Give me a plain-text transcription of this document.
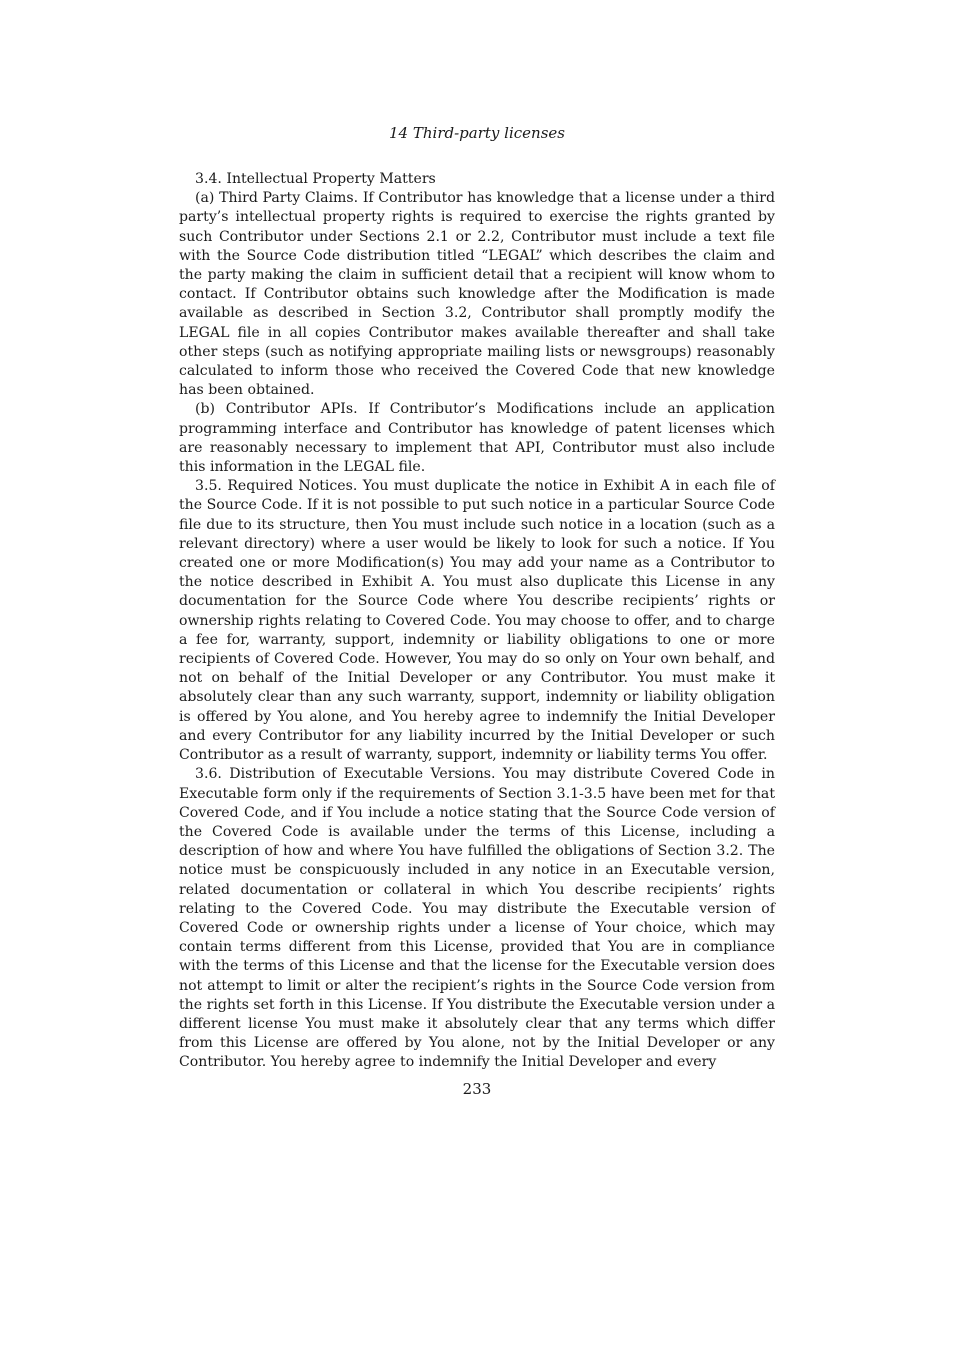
14 Third-party licenses

3.4. Intellectual Property Matters

(a) Third Party Claims. If Contributor has knowledge that a license under a third party’s intellectual property rights is required to exercise the rights granted by such Contributor under Sections 2.1 or 2.2, Contributor must include a text file with the Source Code distribution titled “LEGAL” which describes the claim and the party making the claim in sufficient detail that a recipient will know whom to contact. If Contributor obtains such knowledge after the Modification is made available as described in Section 3.2, Contributor shall promptly modify the LEGAL file in all copies Contributor makes available thereafter and shall take other steps (such as notifying appropriate mailing lists or newsgroups) reasonably calculated to inform those who received the Covered Code that new knowledge has been obtained.

(b) Contributor APIs. If Contributor’s Modifications include an application programming interface and Contributor has knowledge of patent licenses which are reasonably necessary to implement that API, Contributor must also include this information in the LEGAL file.

3.5. Required Notices. You must duplicate the notice in Exhibit A in each file of the Source Code. If it is not possible to put such notice in a particular Source Code file due to its structure, then You must include such notice in a location (such as a relevant directory) where a user would be likely to look for such a notice. If You created one or more Modification(s) You may add your name as a Contributor to the notice described in Exhibit A. You must also duplicate this License in any documentation for the Source Code where You describe recipients’ rights or ownership rights relating to Covered Code. You may choose to offer, and to charge a fee for, warranty, support, indemnity or liability obligations to one or more recipients of Covered Code. However, You may do so only on Your own behalf, and not on behalf of the Initial Developer or any Contributor. You must make it absolutely clear than any such warranty, support, indemnity or liability obligation is offered by You alone, and You hereby agree to indemnify the Initial Developer and every Contributor for any liability incurred by the Initial Developer or such Contributor as a result of warranty, support, indemnity or liability terms You offer.

3.6. Distribution of Executable Versions. You may distribute Covered Code in Executable form only if the requirements of Section 3.1-3.5 have been met for that Covered Code, and if You include a notice stating that the Source Code version of the Covered Code is available under the terms of this License, including a description of how and where You have fulfilled the obligations of Section 3.2. The notice must be conspicuously included in any notice in an Executable version, related documentation or collateral in which You describe recipients’ rights relating to the Covered Code. You may distribute the Executable version of Covered Code or ownership rights under a license of Your choice, which may contain terms different from this License, provided that You are in compliance with the terms of this License and that the license for the Executable version does not attempt to limit or alter the recipient’s rights in the Source Code version from the rights set forth in this License. If You distribute the Executable version under a different license You must make it absolutely clear that any terms which differ from this License are offered by You alone, not by the Initial Developer or any Contributor. You hereby agree to indemnify the Initial Developer and every

233
